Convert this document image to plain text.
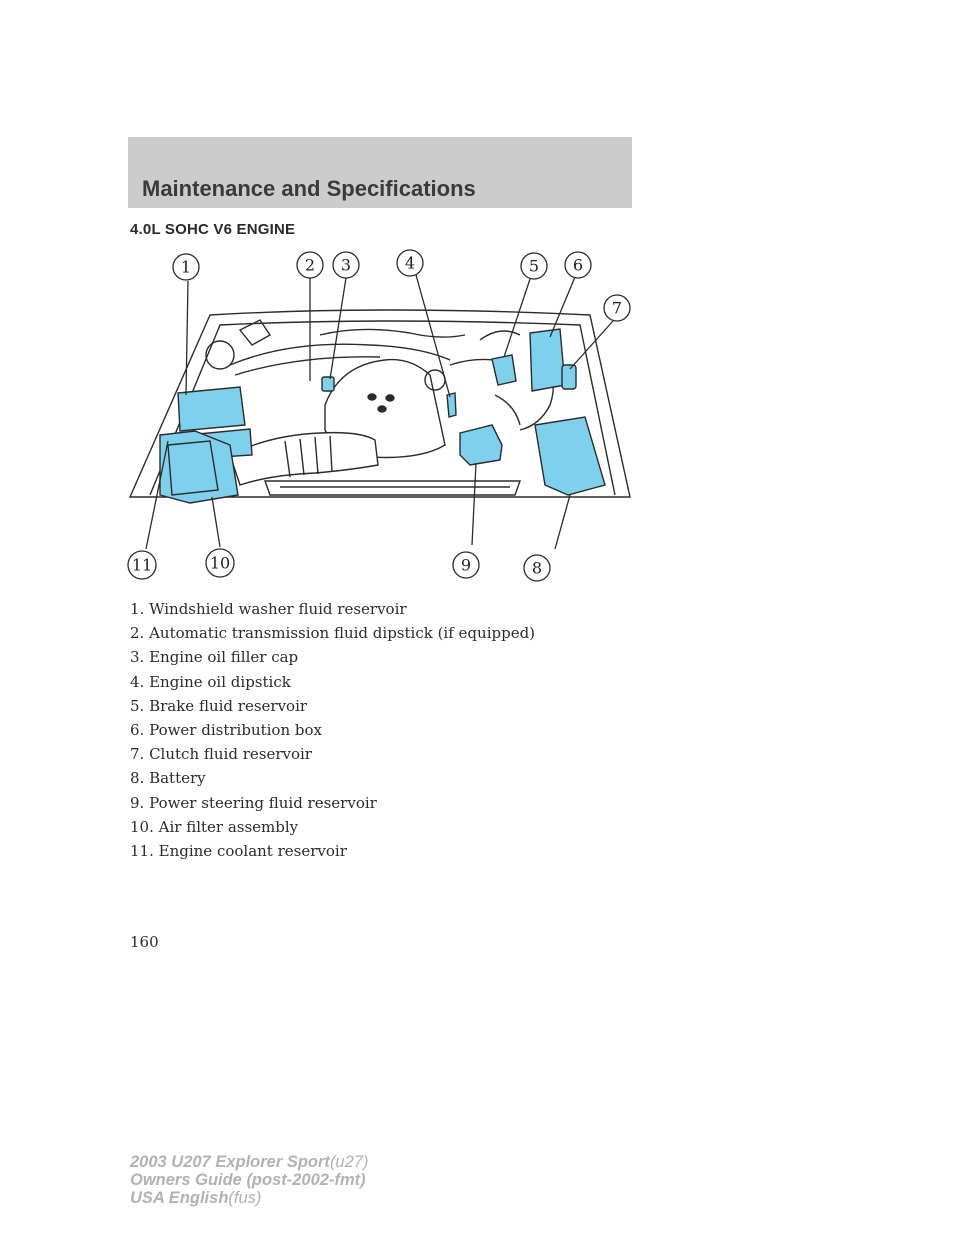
Maintenance and Specifications
4.0L SOHC V6 ENGINE
1	2 3	4	5 6
7
8
9
10
11
1. Windshield washer fluid reservoir
2. Automatic transmission fluid dipstick (if equipped)
3. Engine oil filler cap
4. Engine oil dipstick
5. Brake fluid reservoir
6. Power distribution box
7. Clutch fluid reservoir
8. Battery
9. Power steering fluid reservoir
10. Air filter assembly
11. Engine coolant reservoir
160
2003 U207 Explorer Sport(u27)
Owners Guide (post-2002-fmt)
USA English(fus)
